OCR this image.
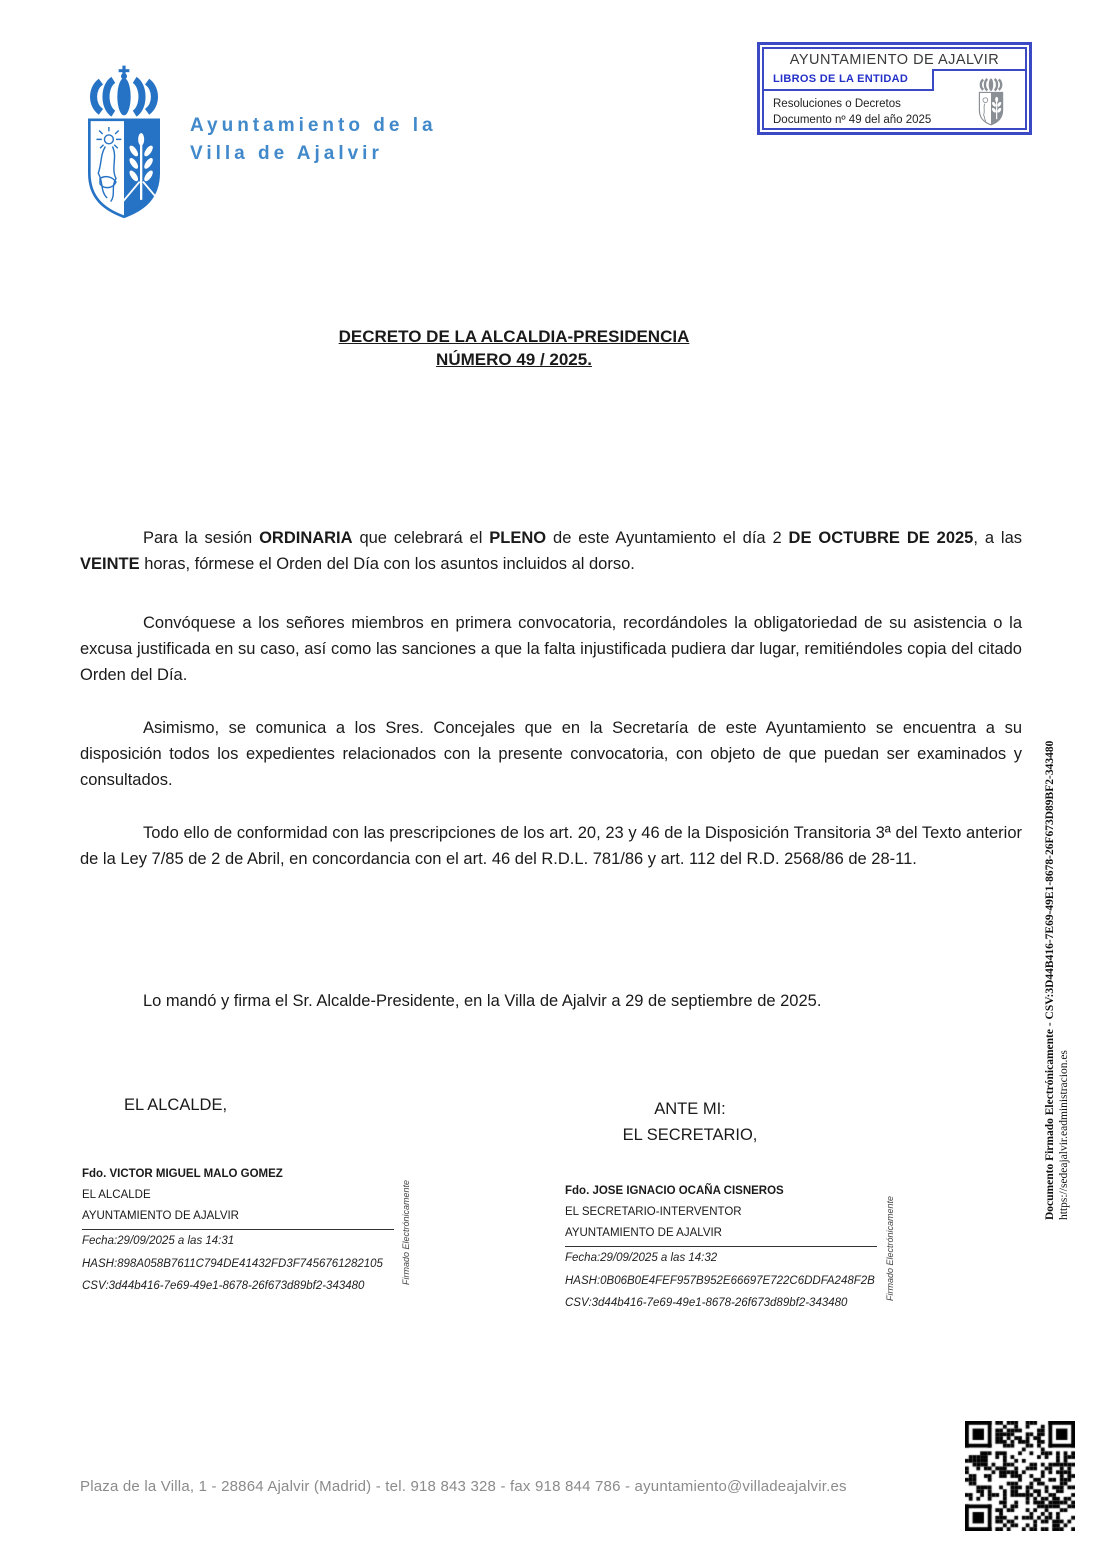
Ayuntamiento de la
Villa de Ajalvir
AYUNTAMIENTO DE AJALVIR
LIBROS DE LA ENTIDAD
Resoluciones o Decretos
Documento nº 49 del año 2025
DECRETO DE LA ALCALDIA-PRESIDENCIA
NÚMERO 49 / 2025.

Para la sesión ORDINARIA que celebrará el PLENO de este Ayuntamiento el día 2 DE OCTUBRE DE 2025, a las VEINTE horas, fórmese el Orden del Día con los asuntos incluidos al dorso.

Convóquese a los señores miembros en primera convocatoria, recordándoles la obligatoriedad de su asistencia o la excusa justificada en su caso, así como las sanciones a que la falta injustificada pudiera dar lugar, remitiéndoles copia del citado Orden del Día.

Asimismo, se comunica a los Sres. Concejales que en la Secretaría de este Ayuntamiento se encuentra a su disposición todos los expedientes relacionados con la presente convocatoria, con objeto de que puedan ser examinados y consultados.

Todo ello de conformidad con las prescripciones de los art. 20, 23 y 46 de la Disposición Transitoria 3ª del Texto anterior de la Ley 7/85 de 2 de Abril, en concordancia con el art. 46 del R.D.L. 781/86 y art. 112 del R.D. 2568/86 de 28-11.

Lo mandó y firma el Sr. Alcalde-Presidente, en la Villa de Ajalvir a 29 de septiembre de 2025.

EL ALCALDE,	ANTE MI:
EL SECRETARIO,
Fdo. VICTOR MIGUEL MALO GOMEZ
EL ALCALDE
AYUNTAMIENTO DE AJALVIR
Fecha:29/09/2025 a las 14:31
HASH:898A058B7611C794DE41432FD3F7456761282105
CSV:3d44b416-7e69-49e1-8678-26f673d89bf2-343480
Firmado Electrónicamente	Fdo. JOSE IGNACIO OCAÑA CISNEROS
EL SECRETARIO-INTERVENTOR
AYUNTAMIENTO DE AJALVIR
Fecha:29/09/2025 a las 14:32
HASH:0B06B0E4FEF957B952E66697E722C6DDFA248F2B
CSV:3d44b416-7e69-49e1-8678-26f673d89bf2-343480
Firmado Electrónicamente
Documento Firmado Electrónicamente - CSV:3D44B416-7E69-49E1-8678-26F673D89BF2-343480 https://sedeajalvir.eadministracion.es
Plaza de la Villa, 1 - 28864 Ajalvir (Madrid) - tel. 918 843 328 - fax 918 844 786 - ayuntamiento@villadeajalvir.es
